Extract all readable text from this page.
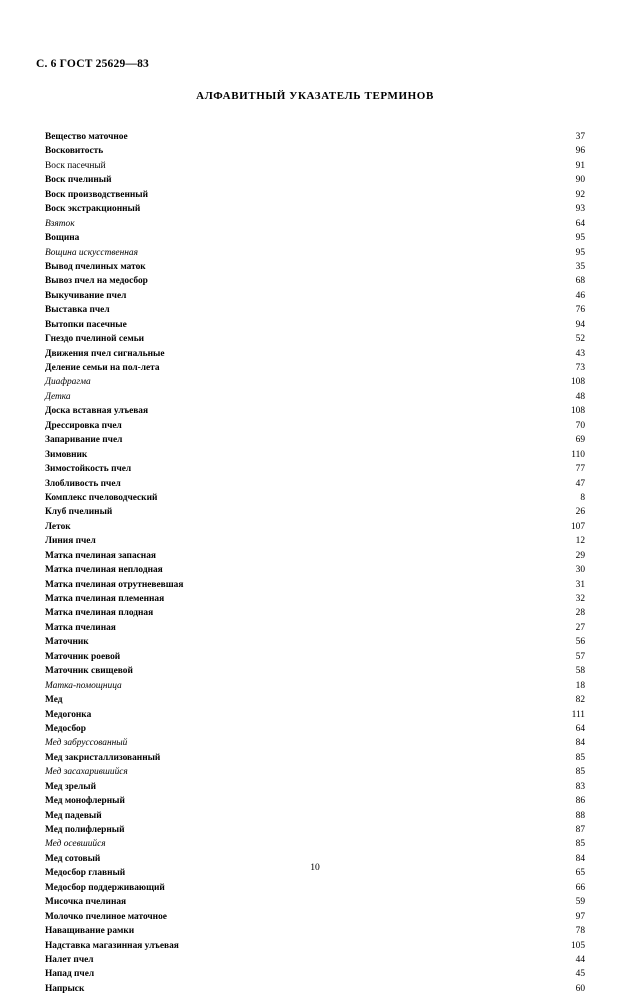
С. 6 ГОСТ 25629—83
АЛФАВИТНЫЙ УКАЗАТЕЛЬ ТЕРМИНОВ
Вещество маточное	37
Восковитость	96
Воск пасечный	91
Воск пчелиный	90
Воск производственный	92
Воск экстракционный	93
Взяток	64
Вощина	95
Вощина искусственная	95
Вывод пчелиных маток	35
Вывоз пчел на медосбор	68
Выкучивание пчел	46
Выставка пчел	76
Вытопки пасечные	94
Гнездо пчелиной семьи	52
Движения пчел сигнальные	43
Деление семьи на пол-лета	73
Диафрагма	108
Детка	48
Доска вставная улъевая	108
Дрессировка пчел	70
Запаривание пчел	69
Зимовник	110
Зимостойкость пчел	77
Злобливость пчел	47
Комплекс пчеловодческий	8
Клуб пчелиный	26
Леток	107
Линия пчел	12
Матка пчелиная запасная	29
Матка пчелиная неплодная	30
Матка пчелиная отрутневевшая	31
Матка пчелиная племенная	32
Матка пчелиная плодная	28
Матка пчелиная	27
Маточник	56
Маточник роевой	57
Маточник свищевой	58
Матка-помощница	18
Мед	82
Медогонка	111
Медосбор	64
Мед забруссованный	84
Мед закристаллизованный	85
Мед засахарившийся	85
Мед зрелый	83
Мед монофлерный	86
Мед падевый	88
Мед полифлерный	87
Мед осевшийся	85
Мед сотовый	84
Медосбор главный	65
Медосбор поддерживающий	66
Мисочка пчелиная	59
Молочко пчелиное маточное	97
Наващивание рамки	78
Надставка магазинная улъевая	105
Налет пчел	44
Напад пчел	45
Напрыск	60
10
